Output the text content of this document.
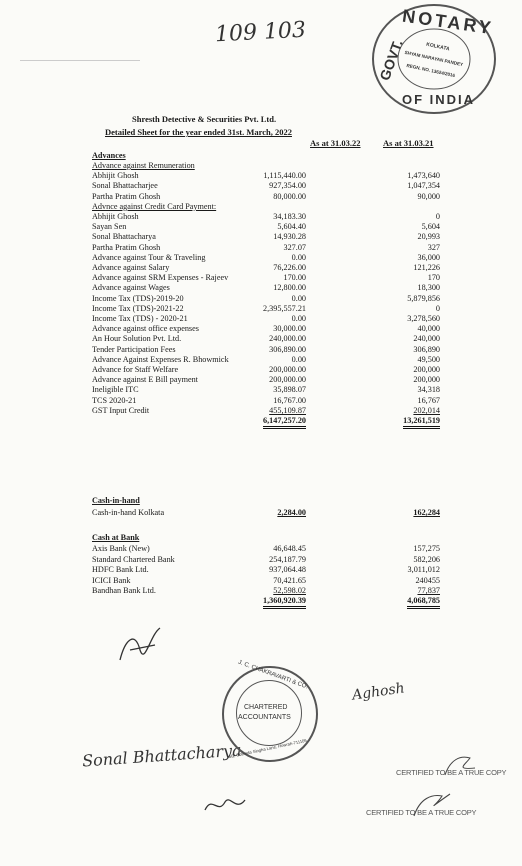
109 103	NOTARY
GOVT.
OF INDIA
KOLKATA
SHYAM NARAYAN PANDEY
REGN. NO. 13624/2016
Shresth Detective & Securities Pvt. Ltd.
Detailed Sheet for the year ended 31st. March, 2022
As at 31.03.22	As at 31.03.21
Advances
Advance against Remuneration
Abhijit Ghosh	1,115,440.00	1,473,640
Sonal Bhattacharjee	927,354.00	1,047,354
Partha Pratim Ghosh	80,000.00	90,000
Advnce against Credit Card Payment:
Abhijit Ghosh	34,183.30	0
Sayan Sen	5,604.40	5,604
Sonal Bhattacharya	14,930.28	20,993
Partha Pratim Ghosh	327.07	327
Advance against Tour & Traveling	0.00	36,000
Advance against Salary	76,226.00	121,226
Advance against SRM Expenses - Rajeev	170.00	170
Advance against Wages	12,800.00	18,300
Income Tax (TDS)-2019-20	0.00	5,879,856
Income Tax (TDS)-2021-22	2,395,557.21	0
Income Tax (TDS) - 2020-21	0.00	3,278,560
Advance against office expenses	30,000.00	40,000
An Hour Solution Pvt. Ltd.	240,000.00	240,000
Tender Participation Fees	306,890.00	306,890
Advance Against Expenses R. Bhowmick	0.00	49,500
Advance for Staff Welfare	200,000.00	200,000
Advance against E Bill payment	200,000.00	200,000
Ineligible ITC	35,898.07	34,318
TCS 2020-21	16,767.00	16,767
GST Input Credit	455,109.87	202,014
6,147,257.20	13,261,519
Cash-in-hand
Cash-in-hand Kolkata	2,284.00	162,284
Cash at Bank
Axis Bank (New)	46,648.45	157,275
Standard Chartered Bank	254,187.79	582,206
HDFC Bank Ltd.	937,064.48	3,011,012
ICICI Bank	70,421.65	240455
Bandhan Bank Ltd.	52,598.02	77,837
1,360,920.39	4,068,785
Sonal Bhattacharya
Aghosh
J. C. CHAKRAVARTI & CO.
CHARTERED
ACCOUNTANTS
6B, Gobinda Singha Lane, Howrah-711105
CERTIFIED TO BE A TRUE COPY
CERTIFIED TO BE A TRUE COPY
